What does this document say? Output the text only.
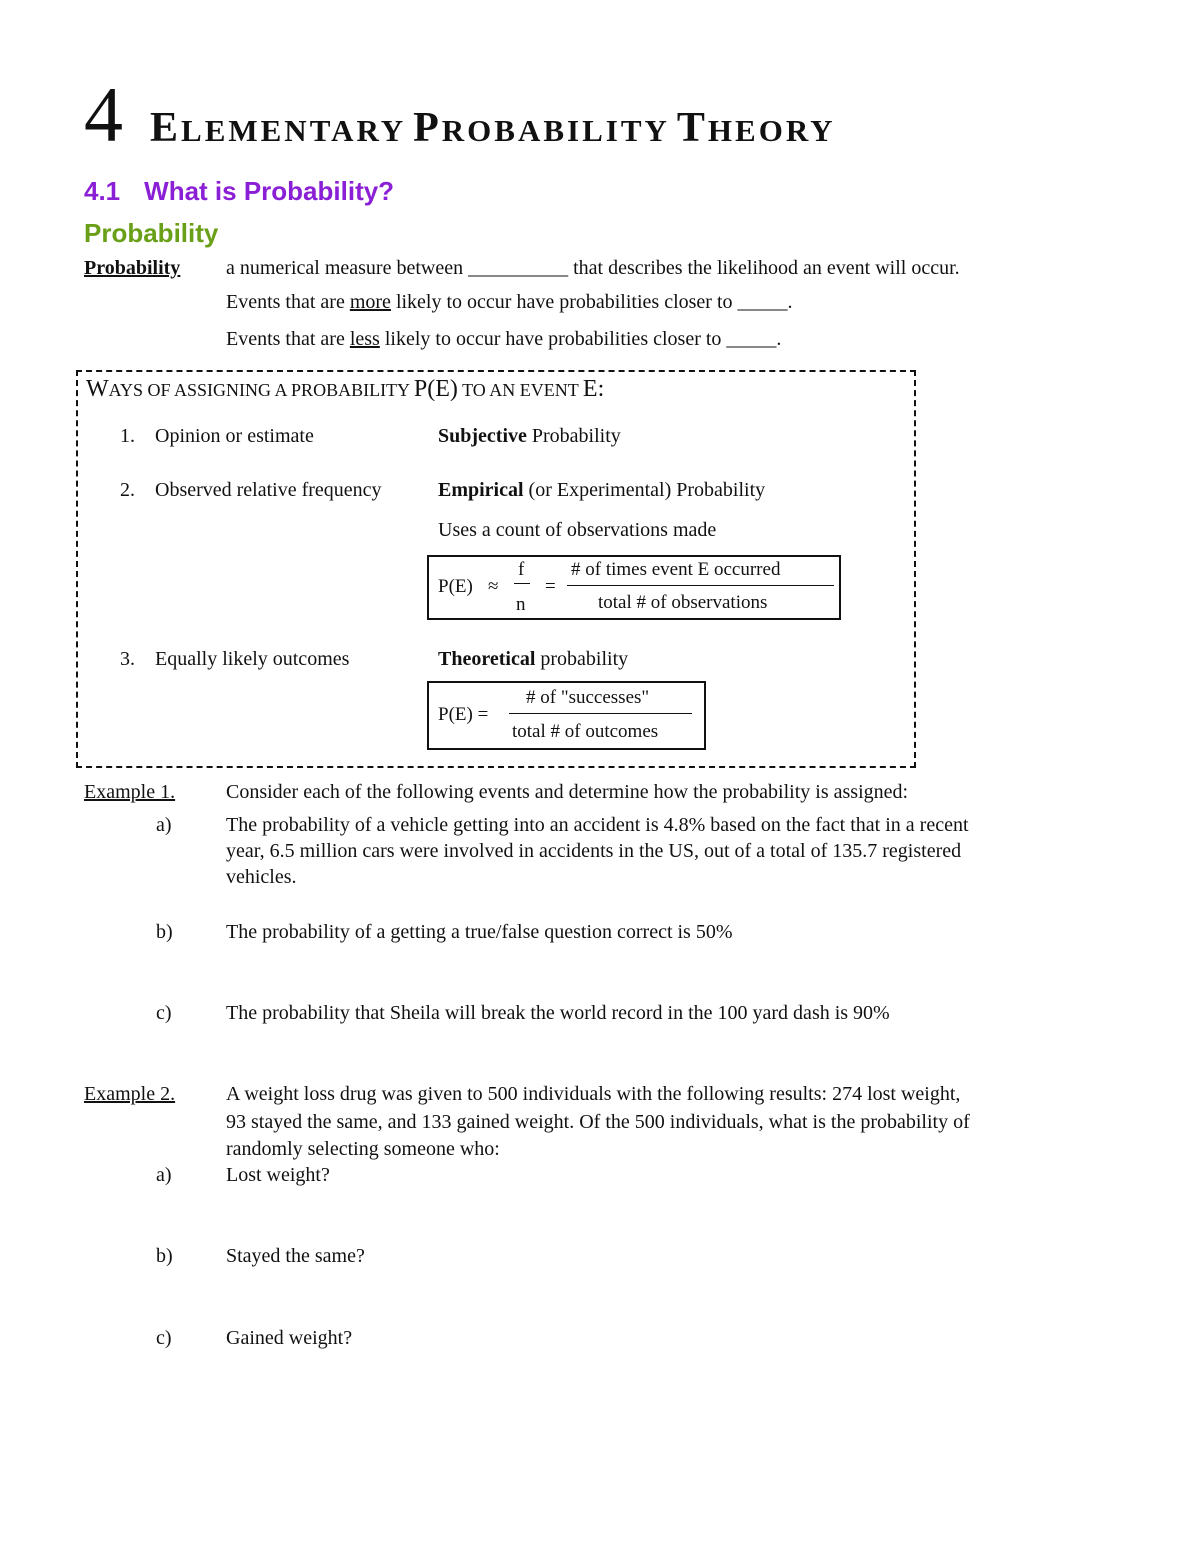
4 ELEMENTARY PROBABILITY THEORY
4.1 What is Probability?
Probability
Probability a numerical measure between __________ that describes the likelihood an event will occur.
Events that are more likely to occur have probabilities closer to _____.
Events that are less likely to occur have probabilities closer to _____.
WAYS OF ASSIGNING A PROBABILITY P(E) TO AN EVENT E:
1. Opinion or estimate	Subjective Probability
2. Observed relative frequency	Empirical (or Experimental) Probability
Uses a count of observations made
P(E) ≈
f
n
=
# of times event E occurred
total # of observations
3. Equally likely outcomes	Theoretical probability
P(E) =
# of "successes"
total # of outcomes
Example 1.	Consider each of the following events and determine how the probability is assigned:
a)	The probability of a vehicle getting into an accident is 4.8% based on the fact that in a recent
year, 6.5 million cars were involved in accidents in the US, out of a total of 135.7 registered
vehicles.
b)	The probability of a getting a true/false question correct is 50%
c)	The probability that Sheila will break the world record in the 100 yard dash is 90%
Example 2.	A weight loss drug was given to 500 individuals with the following results: 274 lost weight,
93 stayed the same, and 133 gained weight. Of the 500 individuals, what is the probability of
randomly selecting someone who:
a)	Lost weight?
b)	Stayed the same?
c)	Gained weight?
